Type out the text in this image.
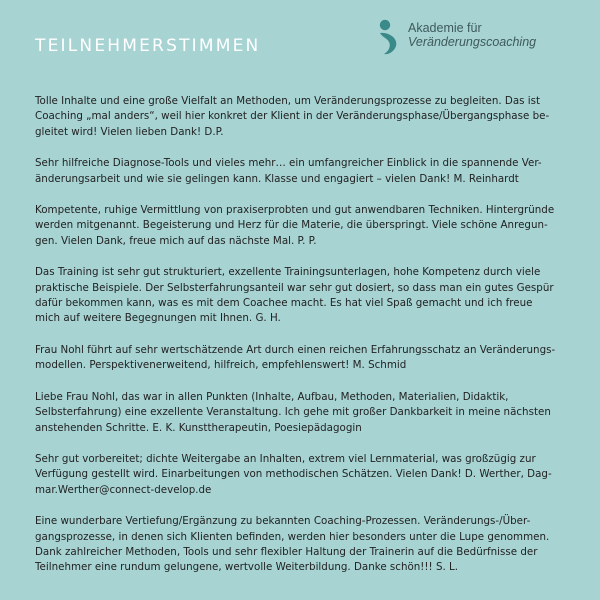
TEILNEHMERSTIMMEN
Akademie für
Veränderungscoaching
Tolle Inhalte und eine große Vielfalt an Methoden, um Veränderungsprozesse zu begleiten. Das ist
Coaching „mal anders“, weil hier konkret der Klient in der Veränderungsphase/Übergangsphase be-
gleitet wird! Vielen lieben Dank! D.P.
Sehr hilfreiche Diagnose-Tools und vieles mehr… ein umfangreicher Einblick in die spannende Ver-
änderungsarbeit und wie sie gelingen kann. Klasse und engagiert – vielen Dank! M. Reinhardt
Kompetente, ruhige Vermittlung von praxiserprobten und gut anwendbaren Techniken. Hintergründe
werden mitgenannt. Begeisterung und Herz für die Materie, die überspringt. Viele schöne Anregun-
gen. Vielen Dank, freue mich auf das nächste Mal. P. P.
Das Training ist sehr gut strukturiert, exzellente Trainingsunterlagen, hohe Kompetenz durch viele
praktische Beispiele. Der Selbsterfahrungsanteil war sehr gut dosiert, so dass man ein gutes Gespür
dafür bekommen kann, was es mit dem Coachee macht. Es hat viel Spaß gemacht und ich freue
mich auf weitere Begegnungen mit Ihnen. G. H.
Frau Nohl führt auf sehr wertschätzende Art durch einen reichen Erfahrungsschatz an Veränderungs-
modellen. Perspektivenerweitend, hilfreich, empfehlenswert! M. Schmid
Liebe Frau Nohl, das war in allen Punkten (Inhalte, Aufbau, Methoden, Materialien, Didaktik,
Selbsterfahrung) eine exzellente Veranstaltung. Ich gehe mit großer Dankbarkeit in meine nächsten
anstehenden Schritte. E. K. Kunsttherapeutin, Poesiepädagogin
Sehr gut vorbereitet; dichte Weitergabe an Inhalten, extrem viel Lernmaterial, was großzügig zur
Verfügung gestellt wird. Einarbeitungen von methodischen Schätzen. Vielen Dank! D. Werther, Dag-
mar.Werther@connect-develop.de
Eine wunderbare Vertiefung/Ergänzung zu bekannten Coaching-Prozessen. Veränderungs-/Über-
gangsprozesse, in denen sich Klienten befinden, werden hier besonders unter die Lupe genommen.
Dank zahlreicher Methoden, Tools und sehr flexibler Haltung der Trainerin auf die Bedürfnisse der
Teilnehmer eine rundum gelungene, wertvolle Weiterbildung. Danke schön!!! S. L.
